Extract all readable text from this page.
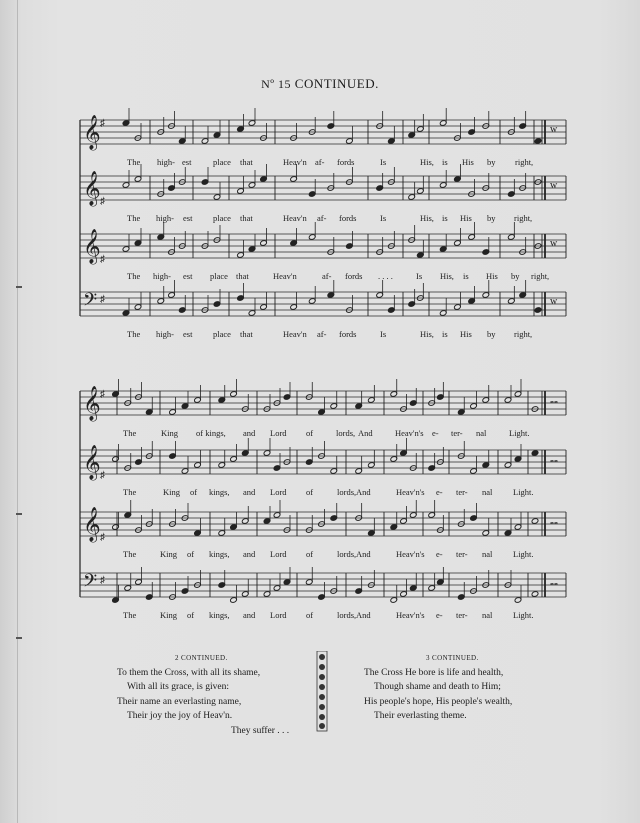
Nº 15 CONTINUED.
𝄞 ♯
w
The high- est	place that	Heav'n af- fords	Is	His, is His by right,
𝄞 ♯
w
The high- est place that	Heav'n af- fords	Is	His, is His by right,
𝄞 ♯
w
The high- est place that	Heav'n	af- fords . . . .	Is His, is His by right,
𝄢 ♯	w
The high- est place that	Heav'n af- fords	Is	His, is His by right,
𝄞 ♯
𝅝𝅝
The	King of kings, and Lord of	lords, And	Heav'n's e- ter- nal	Light.
𝄞 ♯
𝅝𝅝
The	King of kings, and Lord of	lords, And	Heav'n's e- ter- nal Light.
𝄞 ♯
𝅝𝅝
The	King of kings, and Lord of	lords, And	Heav'n's e- ter- nal Light.
𝄢 ♯	𝅝𝅝
The	King of kings, and Lord of	lords, And	Heav'n's e- ter- nal Light.
2 CONTINUED.
To them the Cross, with all its shame,
With all its grace, is given:
Their name an everlasting name,
Their joy the joy of Heav'n.
They suffer . . .
3 CONTINUED.
The Cross He bore is life and health,
Though shame and death to Him;
His people's hope, His people's wealth,
Their everlasting theme.
